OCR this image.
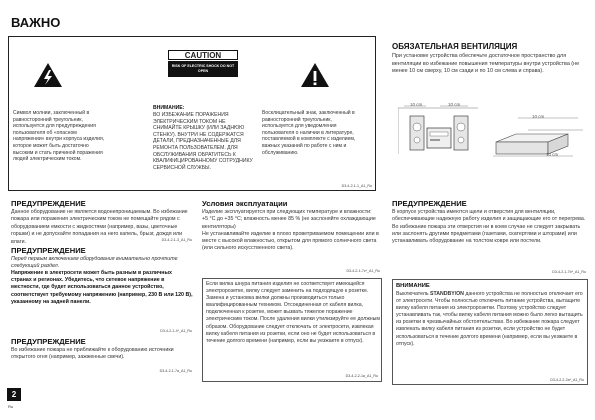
ВАЖНО
CAUTION
RISK OF ELECTRIC SHOCK DO NOT OPEN
Символ молнии, заключенный в равносторонний треугольник, используется для предупреждения пользователя об «опасном напряжении» внутри корпуса изделия, которое может быть достаточно высоким и стать причиной поражения людей электрическим током.
ВНИМАНИЕ:
ВО ИЗБЕЖАНИЕ ПОРАЖЕНИЯ ЭЛЕКТРИЧЕСКИМ ТОКОМ НЕ СНИМАЙТЕ КРЫШКУ (ИЛИ ЗАДНЮЮ СТЕНКУ). ВНУТРИ НЕ СОДЕРЖАТСЯ ДЕТАЛИ, ПРЕДНАЗНАЧЕННЫЕ ДЛЯ РЕМОНТА ПОЛЬЗОВАТЕЛЕМ. ДЛЯ ОБСЛУЖИВАНИЯ ОБРАТИТЕСЬ К КВАЛИФИЦИРОВАННОМУ СОТРУДНИКУ СЕРВИСНОЙ СЛУЖБЫ.
Восклицательный знак, заключенный в равносторонний треугольник, используется для уведомления пользователя о наличии в литературе, поставляемой в комплекте с изделием, важных указаний по работе с ним и обслуживанию.
D3-4-2-1-1_A1_Ru
ОБЯЗАТЕЛЬНАЯ ВЕНТИЛЯЦИЯ
При установке устройства обеспечьте достаточное пространство для вентиляции во избежание повышения температуры внутри устройства (не менее 10 см сверху, 10 см сзади и по 10 см слева и справа).
10 cm	10 cm
10 cm
10 cm
ПРЕДУПРЕЖДЕНИЕ
Данное оборудование не является водонепроницаемым. Во избежание пожара или поражения электрическим током не помещайте рядом с оборудованием емкости с жидкостями (например, вазы, цветочные горшки) и не допускайте попадания на него капель, брызг, дождя или влаги.	D3-4-2-1-3_A1_Ru
ПРЕДУПРЕЖДЕНИЕ
Перед первым включением оборудования внимательно прочтите следующий раздел.
Напряжение в электросети может быть разным в различных странах и регионах. Убедитесь, что сетевое напряжение в местности, где будет использоваться данное устройство, соответствует требуемому напряжению (например, 230 В или 120 В), указанному на задней панели.
D3-4-2-1-4*_A1_Ru
ПРЕДУПРЕЖДЕНИЕ
Во избежание пожара не приближайте к оборудованию источники открытого огня (например, зажженные свечи).
D3-4-2-1-7a_A1_Ru
Условия эксплуатации
Изделие эксплуатируется при следующих температуре и влажности:
+5 °C до +35 °C; влажность менее 85 % (не заслоняйте охлаждающие вентиляторы)
Не устанавливайте изделие в плохо проветриваемом помещении или в месте с высокой влажностью, открытом для прямого солнечного света (или сильного искусственного света).
D3-4-2-1-7c*_A1_Ru
Если вилка шнура питания изделия не соответствует имеющейся электророзетке, вилку следует заменить на подходящую к розетке. Замена и установка вилки должны производиться только квалифицированным техником. Отсоединенная от кабеля вилка, подключенная к розетке, может вызвать тяжелое поражение электрическим током. После удаления вилки утилизируйте ее должным образом. Оборудование следует отключать от электросети, извлекая вилку кабеля питания из розетки, если оно не будет использоваться в течение долгого времени (например, если вы уезжаете в отпуск).
D3-4-2-2-1a_A1_Ru
ПРЕДУПРЕЖДЕНИЕ
В корпусе устройства имеются щели и отверстия для вентиляции, обеспечивающие надежную работу изделия и защищающие его от перегрева. Во избежание пожара эти отверстия ни в коем случае не следует закрывать или заслонять другими предметами (газетами, скатертями и шторами) или устанавливать оборудование на толстом ковре или постели.
D3-4-2-1-7b*_A1_Ru
ВНИМАНИЕ
Выключатель STANDBY/ON данного устройства не полностью отключает его от электросети. Чтобы полностью отключить питание устройства, вытащите вилку кабеля питания из электророзетки. Поэтому устройство следует устанавливать так, чтобы вилку кабеля питания можно было легко вытащить из розетки в чрезвычайных обстоятельствах. Во избежание пожара следует извлекать вилку кабеля питания из розетки, если устройство не будет использоваться в течение долгого времени (например, если вы уезжаете в отпуск).
D3-4-2-2-2a*_A1_Ru
2
Ru
